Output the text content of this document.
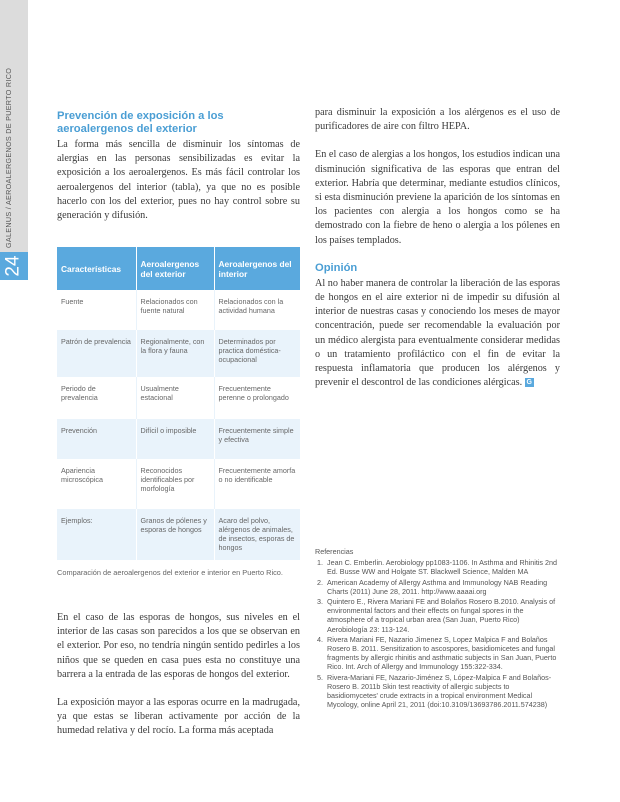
GALENUS / AEROALERGENOS DE PUERTO RICO
24
Prevención de exposición a los aeroalergenos del exterior

La forma más sencilla de disminuir los síntomas de alergias en las personas sensibilizadas es evitar la exposición a los aeroalergenos. Es más fácil controlar los aeroalergenos del interior (tabla), ya que no es posible hacerlo con los del exterior, pues no hay control sobre su generación y difusión.

Características	Aeroalergenos del exterior	Aeroalergenos del interior
Fuente	Relacionados con fuente natural	Relacionados con la actividad humana
Patrón de prevalencia	Regionalmente, con la flora y fauna	Determinados por practica doméstica-ocupacional
Periodo de prevalencia	Usualmente estacional	Frecuentemente perenne o prolongado
Prevención	Difícil o imposible	Frecuentemente simple y efectiva
Apariencia microscópica	Reconocidos identificables por morfología	Frecuentemente amorfa o no identificable
Ejemplos:	Granos de pólenes y esporas de hongos	Acaro del polvo, alérgenos de animales, de insectos, esporas de hongos
Comparación de aeroalergenos del exterior e interior en Puerto Rico.

En el caso de las esporas de hongos, sus niveles en el interior de las casas son parecidos a los que se observan en el exterior. Por eso, no tendría ningún sentido pedirles a los niños que se queden en casa pues esta no constituye una barrera a la entrada de las esporas de hongos del exterior.

La exposición mayor a las esporas ocurre en la madrugada, ya que estas se liberan activamente por acción de la humedad relativa y del rocío. La forma más aceptada

para disminuir la exposición a los alérgenos es el uso de purificadores de aire con filtro HEPA.

En el caso de alergias a los hongos, los estudios indican una disminución significativa de las esporas que entran del exterior. Habría que determinar, mediante estudios clínicos, si esta disminución previene la aparición de los síntomas en los pacientes con alergia a los hongos como se ha demostrado con la fiebre de heno o alergia a los pólenes en los países templados.

Opinión

Al no haber manera de controlar la liberación de las esporas de hongos en el aire exterior ni de impedir su difusión al interior de nuestras casas y conociendo los meses de mayor concentración, puede ser recomendable la evaluación por un médico alergista para eventualmente considerar medidas o un tratamiento profiláctico con el fin de evitar la respuesta inflamatoria que producen los alérgenos y prevenir el descontrol de las condiciones alérgicas. G

Referencias
1. Jean C. Emberlin. Aerobiology pp1083-1106. In Asthma and Rhinitis 2nd Ed. Busse WW and Holgate ST. Blackwell Science, Malden MA
2. American Academy of Allergy Asthma and Immunology NAB Reading Charts (2011) June 28, 2011. http://www.aaaai.org
3. Quintero E., Rivera Mariani FE and Bolaños Rosero B.2010. Analysis of environmental factors and their effects on fungal spores in the atmosphere of a tropical urban area (San Juan, Puerto Rico) Aerobiología 23: 113-124.
4. Rivera Mariani FE, Nazario Jimenez S, Lopez Malpica F and Bolaños Rosero B. 2011. Sensitization to ascospores, basidiomicetes and fungal fragments by allergic rhinitis and asthmatic subjects in San Juan, Puerto Rico. Int. Arch of Allergy and Immunology 155:322-334.
5. Rivera-Mariani FE, Nazario-Jiménez S, López-Malpica F and Bolaños-Rosero B. 2011b Skin test reactivity of allergic subjects to basidiomycetes' crude extracts in a tropical environment Medical Mycology, online April 21, 2011 (doi:10.3109/13693786.2011.574238)
